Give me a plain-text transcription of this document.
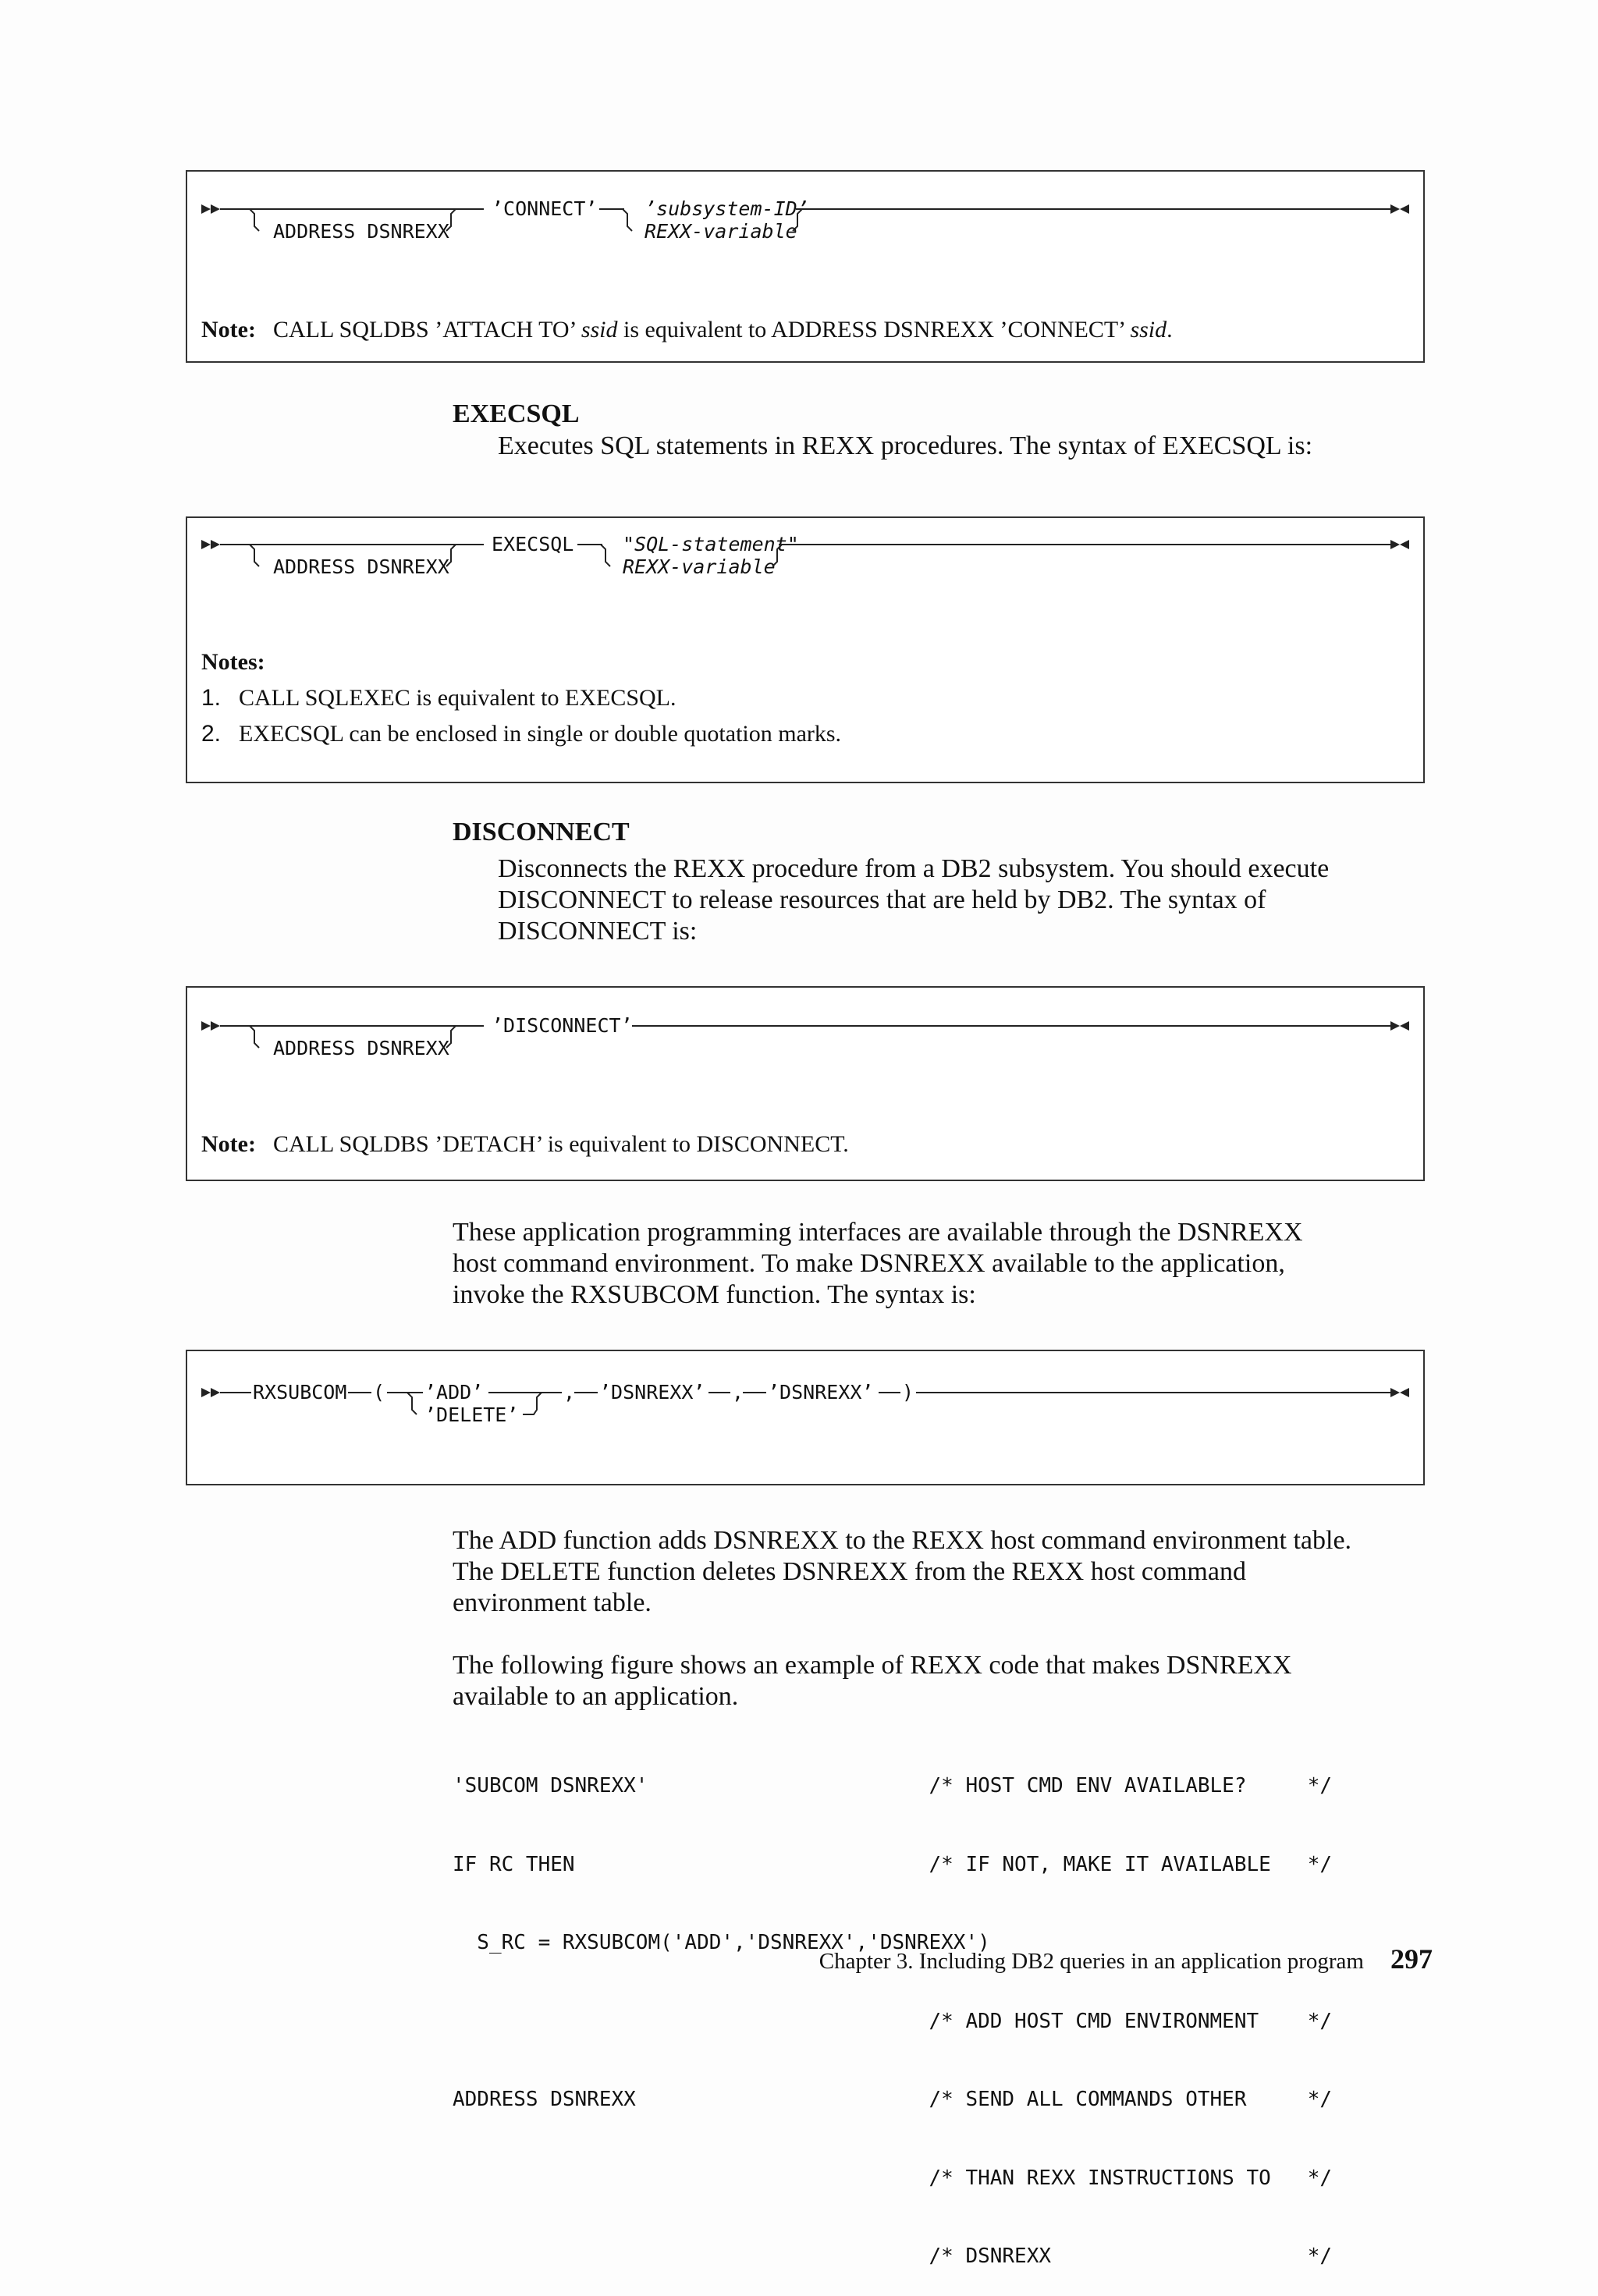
ADDRESS DSNREXX
’CONNECT’ ’subsystem-ID’
REXX-variable
Note: CALL SQLDBS ’ATTACH TO’ ssid is equivalent to ADDRESS DSNREXX ’CONNECT’ ssid.
EXECSQL
Executes SQL statements in REXX procedures. The syntax of EXECSQL is:
ADDRESS DSNREXX
EXECSQL	"SQL-statement"
REXX-variable
Notes:
1. CALL SQLEXEC is equivalent to EXECSQL.
2. EXECSQL can be enclosed in single or double quotation marks.
DISCONNECT
Disconnects the REXX procedure from a DB2 subsystem. You should execute
DISCONNECT to release resources that are held by DB2. The syntax of
DISCONNECT is:
ADDRESS DSNREXX
’DISCONNECT’
Note: CALL SQLDBS ’DETACH’ is equivalent to DISCONNECT.
These application programming interfaces are available through the DSNREXX
host command environment. To make DSNREXX available to the application,
invoke the RXSUBCOM function. The syntax is:
RXSUBCOM ( ’ADD’
’DELETE’
, ’DSNREXX’ , ’DSNREXX’ )
The ADD function adds DSNREXX to the REXX host command environment table.
The DELETE function deletes DSNREXX from the REXX host command
environment table.
The following figure shows an example of REXX code that makes DSNREXX
available to an application.

'SUBCOM DSNREXX'                       /* HOST CMD ENV AVAILABLE?     */

IF RC THEN                             /* IF NOT, MAKE IT AVAILABLE   */

S_RC = RXSUBCOM('ADD','DSNREXX','DSNREXX')

/* ADD HOST CMD ENVIRONMENT    */

ADDRESS DSNREXX                        /* SEND ALL COMMANDS OTHER     */

/* THAN REXX INSTRUCTIONS TO   */

/* DSNREXX                     */

Chapter 3. Including DB2 queries in an application program 297
